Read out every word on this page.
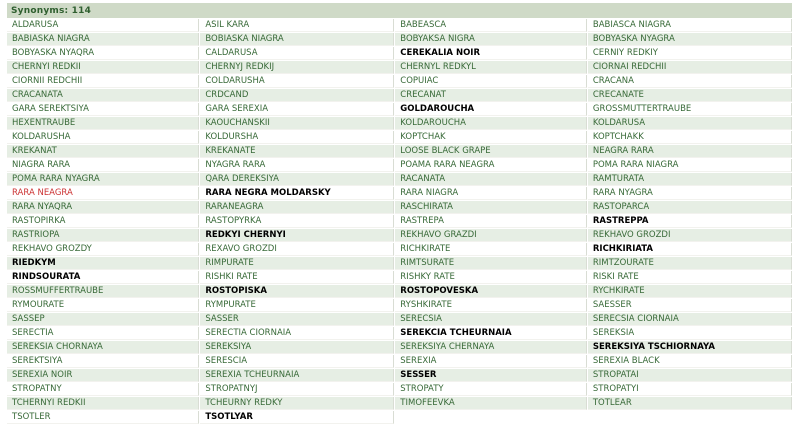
Synonyms: 114			
ALDARUSA	ASIL KARA	BABEASCA	BABIASCA NIAGRA
BABIASKA NIAGRA	BOBIASKA NIAGRA	BOBYAKSA NIGRA	BOBYASKA NYAGRA
BOBYASKA NYAQRA	CALDARUSA	CEREKALIA NOIR	CERNIY REDKIY
CHERNYI REDKII	CHERNYJ REDKIJ	CHERNYL REDKYL	CIORNAI REDCHII
CIORNII REDCHII	COLDARUSHA	COPUIAC	CRACANA
CRACANATA	CRDCAND	CRECANAT	CRECANATE
GARA SEREKTSIYA	GARA SEREXIA	GOLDAROUCHA	GROSSMUTTERTRAUBE
HEXENTRAUBE	KAOUCHANSKII	KOLDAROUCHA	KOLDARUSA
KOLDARUSHA	KOLDURSHA	KOPTCHAK	KOPTCHAKK
KREKANAT	KREKANATE	LOOSE BLACK GRAPE	NEAGRA RARA
NIAGRA RARA	NYAGRA RARA	POAMA RARA NEAGRA	POMA RARA NIAGRA
POMA RARA NYAGRA	QARA DEREKSIYA	RACANATA	RAMTURATA
RARA NEAGRA	RARA NEGRA MOLDARSKY	RARA NIAGRA	RARA NYAGRA
RARA NYAQRA	RARANEAGRA	RASCHIRATA	RASTOPARCA
RASTOPIRKA	RASTOPYRKA	RASTREPA	RASTREPPA
RASTRIOPA	REDKYI CHERNYI	REKHAVO GRAZDI	REKHAVO GROZDI
REKHAVO GROZDY	REXAVO GROZDI	RICHKIRATE	RICHKIRIATA
RIEDKYM	RIMPURATE	RIMTSURATE	RIMTZOURATE
RINDSOURATA	RISHKI RATE	RISHKY RATE	RISKI RATE
ROSSMUFFERTRAUBE	ROSTOPISKA	ROSTOPOVESKA	RYCHKIRATE
RYMOURATE	RYMPURATE	RYSHKIRATE	SAESSER
SASSEP	SASSER	SERECSIA	SERECSIA CIORNAIA
SERECTIA	SERECTIA CIORNAIA	SEREKCIA TCHEURNAIA	SEREKSIA
SEREKSIA CHORNAYA	SEREKSIYA	SEREKSIYA CHERNAYA	SEREKSIYA TSCHIORNAYA
SEREKTSIYA	SERESCIA	SEREXIA	SEREXIA BLACK
SEREXIA NOIR	SEREXIA TCHEURNAIA	SESSER	STROPATAI
STROPATNY	STROPATNYJ	STROPATY	STROPATYI
TCHERNYI REDKII	TCHEURNY REDKY	TIMOFEEVKA	TOTLEAR
TSOTLER	TSOTLYAR		
